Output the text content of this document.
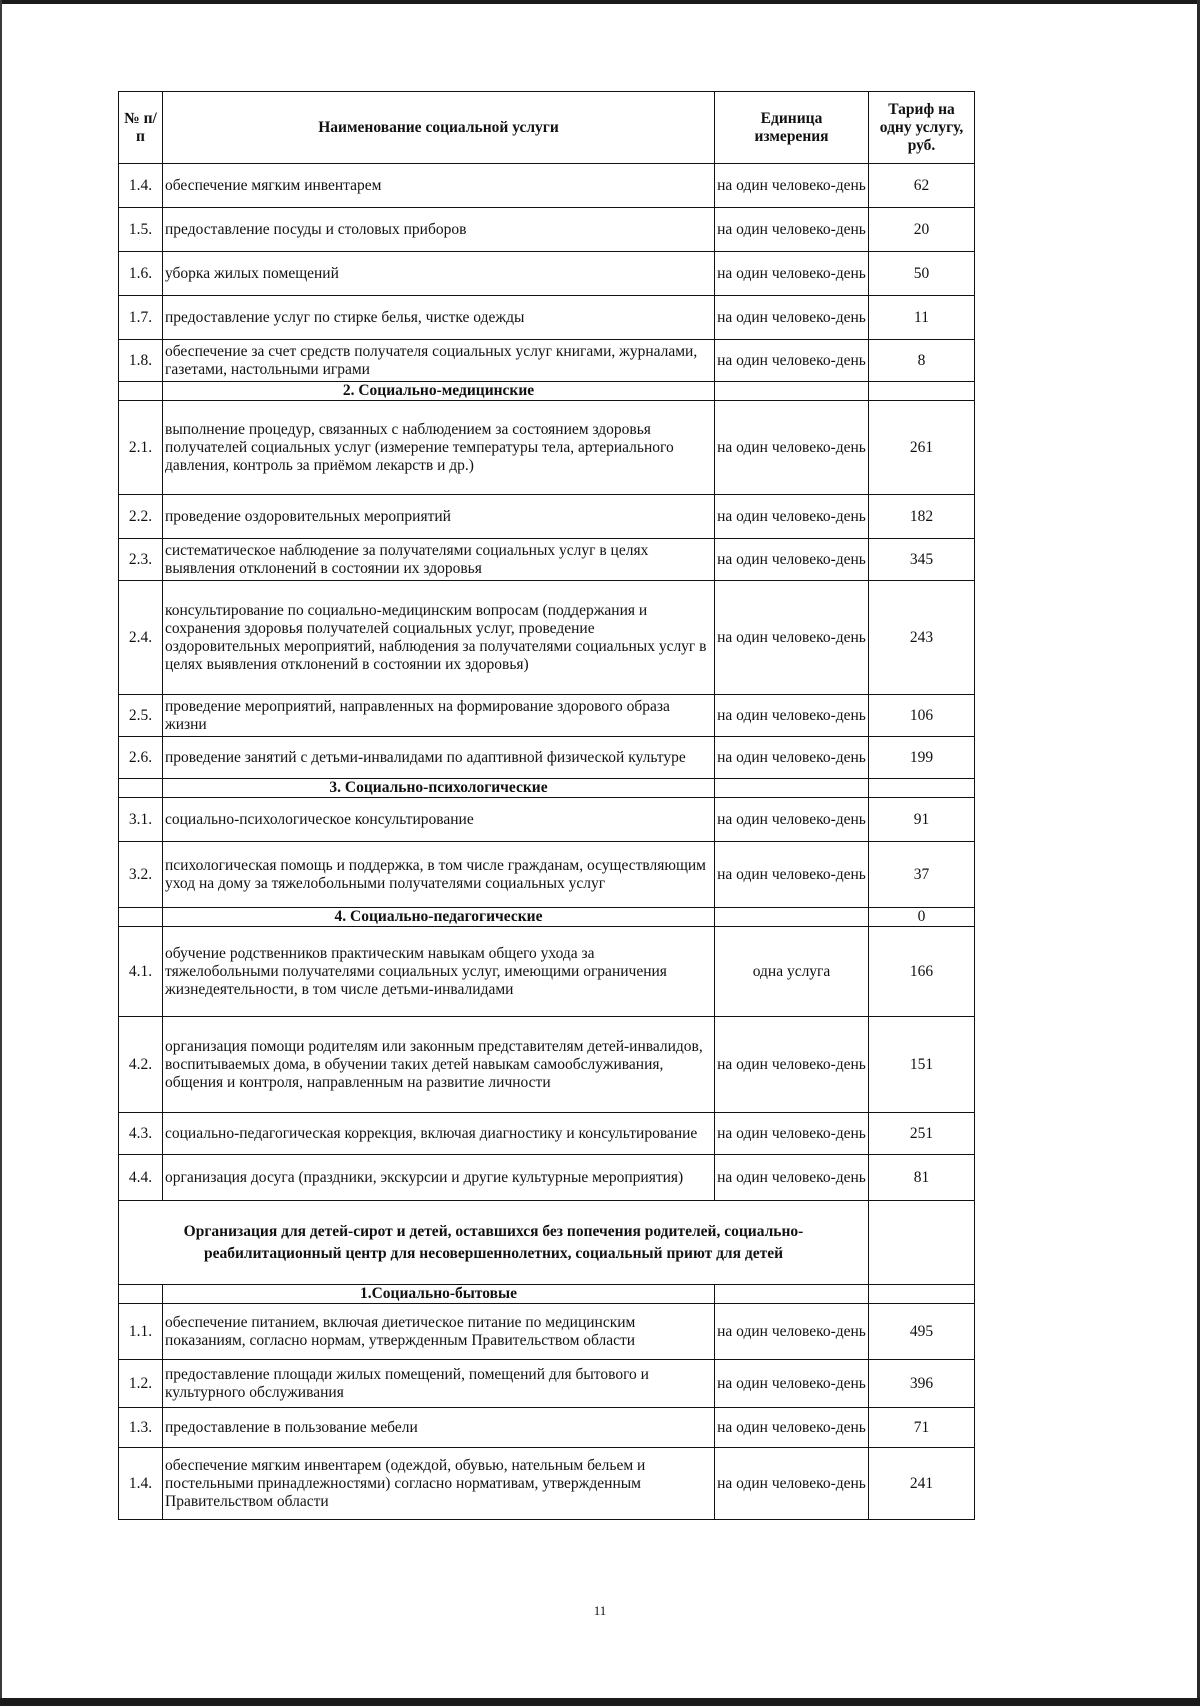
№ п/п	Наименование социальной услуги	Единица измерения	Тариф на одну услугу, руб.
1.4.	обеспечение мягким инвентарем	на один человеко-день	62
1.5.	предоставление посуды и столовых приборов	на один человеко-день	20
1.6.	уборка жилых помещений	на один человеко-день	50
1.7.	предоставление услуг по стирке белья, чистке одежды	на один человеко-день	11
1.8.	обеспечение за счет средств получателя социальных услуг книгами, журналами, газетами, настольными играми	на один человеко-день	8
	2. Социально-медицинские		
2.1.	выполнение процедур, связанных с наблюдением за состоянием здоровья получателей социальных услуг (измерение температуры тела, артериального давления, контроль за приёмом лекарств и др.)	на один человеко-день	261
2.2.	проведение оздоровительных мероприятий	на один человеко-день	182
2.3.	систематическое наблюдение за получателями социальных услуг в целях выявления отклонений в состоянии их здоровья	на один человеко-день	345
2.4.	консультирование по социально-медицинским вопросам (поддержания и сохранения здоровья получателей социальных услуг, проведение оздоровительных мероприятий, наблюдения за получателями социальных услуг в целях выявления отклонений в состоянии их здоровья)	на один человеко-день	243
2.5.	проведение мероприятий, направленных на формирование здорового образа жизни	на один человеко-день	106
2.6.	проведение занятий с детьми-инвалидами по адаптивной физической культуре	на один человеко-день	199
	3. Социально-психологические		
3.1.	социально-психологическое консультирование	на один человеко-день	91
3.2.	психологическая помощь и поддержка, в том числе гражданам, осуществляющим уход на дому за тяжелобольными получателями социальных услуг	на один человеко-день	37
	4. Социально-педагогические		0
4.1.	обучение родственников практическим навыкам общего ухода за тяжелобольными получателями социальных услуг, имеющими ограничения жизнедеятельности, в том числе детьми-инвалидами	одна услуга	166
4.2.	организация помощи родителям или законным представителям детей-инвалидов, воспитываемых дома, в обучении таких детей навыкам самообслуживания, общения и контроля, направленным на развитие личности	на один человеко-день	151
4.3.	социально-педагогическая коррекция, включая диагностику и консультирование	на один человеко-день	251
4.4.	организация досуга (праздники, экскурсии и другие культурные мероприятия)	на один человеко-день	81
Организация для детей-сирот и детей, оставшихся без попечения родителей, социально-реабилитационный центр для несовершеннолетних, социальный приют для детей			
	1.Социально-бытовые		
1.1.	обеспечение питанием, включая диетическое питание по медицинским показаниям, согласно нормам, утвержденным Правительством области	на один человеко-день	495
1.2.	предоставление площади жилых помещений, помещений для бытового и культурного обслуживания	на один человеко-день	396
1.3.	предоставление в пользование мебели	на один человеко-день	71
1.4.	обеспечение мягким инвентарем (одеждой, обувью, нательным бельем и постельными принадлежностями) согласно нормативам, утвержденным Правительством области	на один человеко-день	241
11
